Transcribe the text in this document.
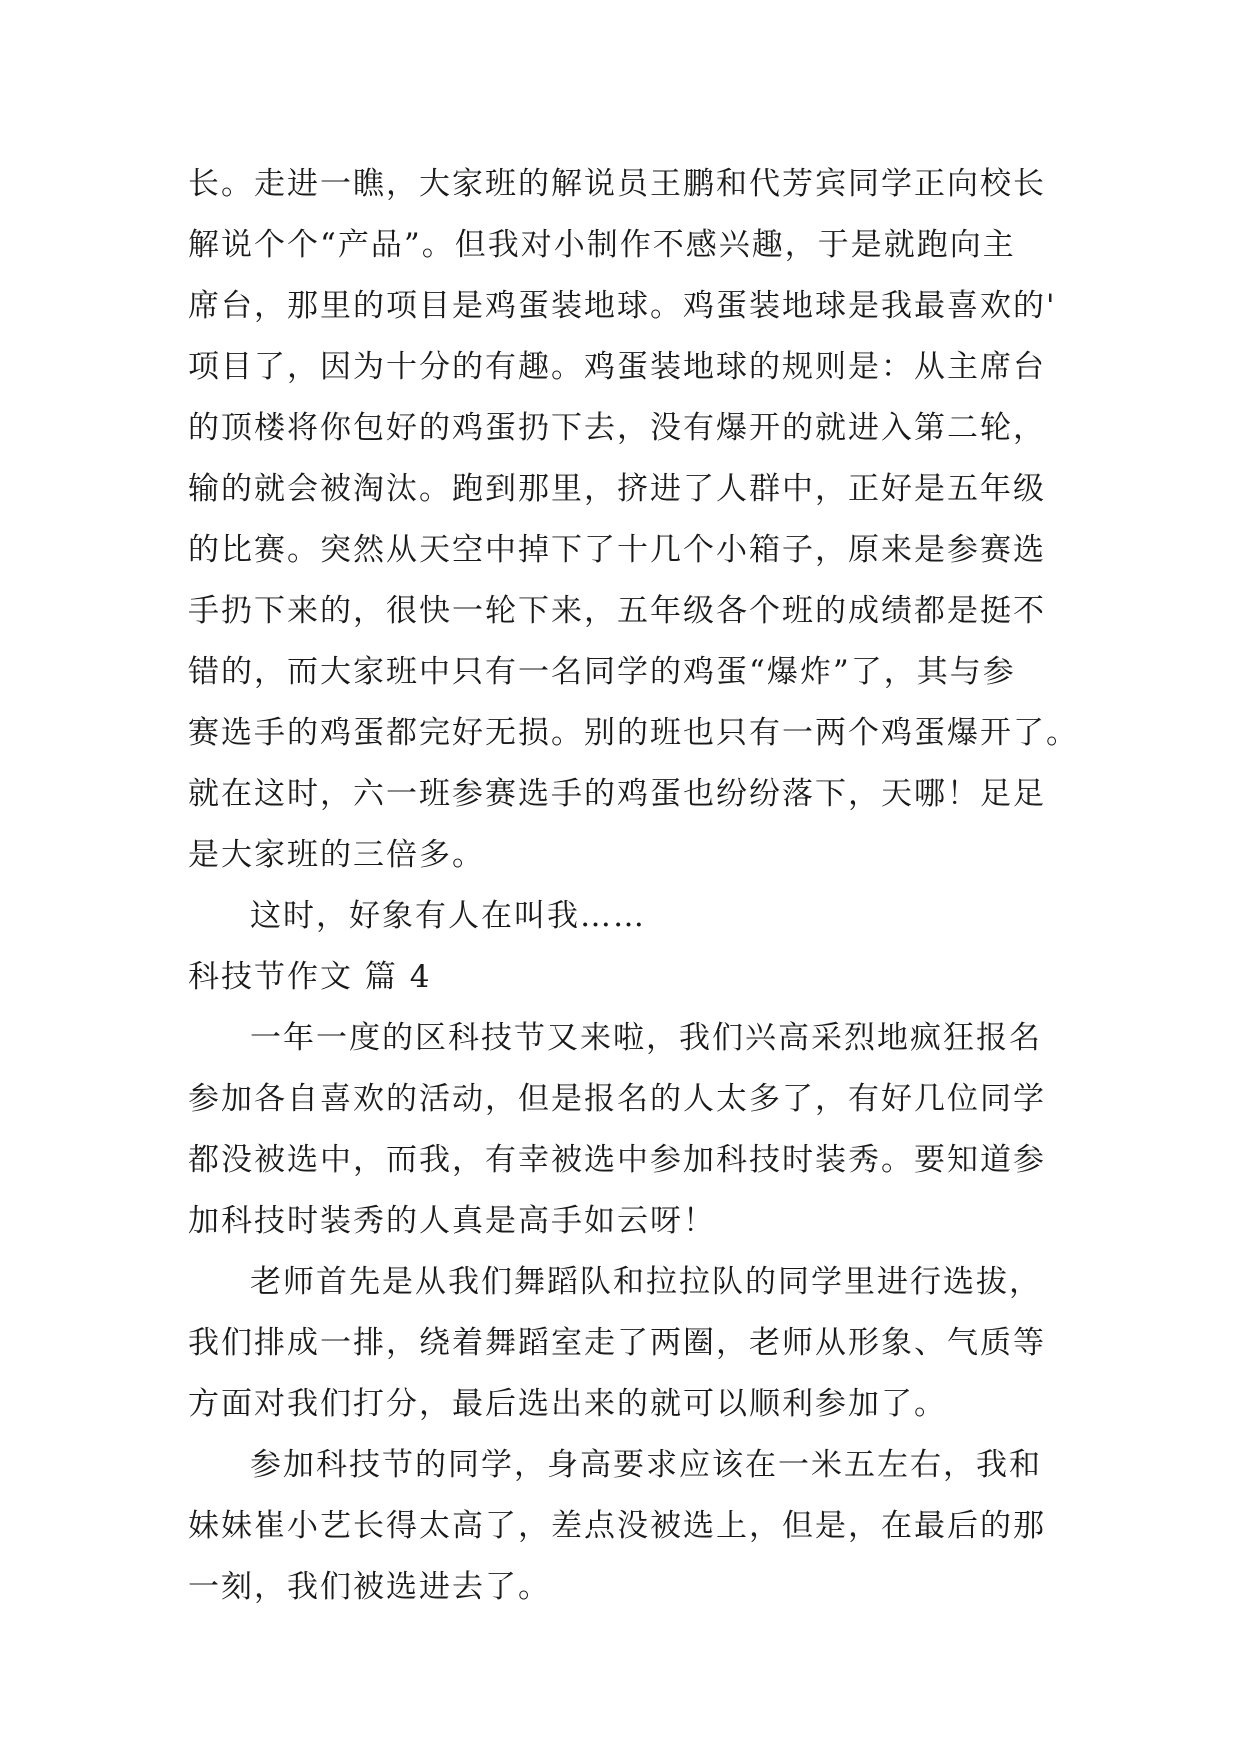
长。走进一瞧，大家班的解说员王鹏和代芳宾同学正向校长
解说个个“产品”。但我对小制作不感兴趣，于是就跑向主
席台，那里的项目是鸡蛋装地球。鸡蛋装地球是我最喜欢的'
项目了，因为十分的有趣。鸡蛋装地球的规则是：从主席台
的顶楼将你包好的鸡蛋扔下去，没有爆开的就进入第二轮，
输的就会被淘汰。跑到那里，挤进了人群中，正好是五年级
的比赛。突然从天空中掉下了十几个小箱子，原来是参赛选
手扔下来的，很快一轮下来，五年级各个班的成绩都是挺不
错的，而大家班中只有一名同学的鸡蛋“爆炸”了，其与参
赛选手的鸡蛋都完好无损。别的班也只有一两个鸡蛋爆开了。
就在这时，六一班参赛选手的鸡蛋也纷纷落下，天哪！足足
是大家班的三倍多。
这时，好象有人在叫我……
科技节作文 篇 4
一年一度的区科技节又来啦，我们兴高采烈地疯狂报名
参加各自喜欢的活动，但是报名的人太多了，有好几位同学
都没被选中，而我，有幸被选中参加科技时装秀。要知道参
加科技时装秀的人真是高手如云呀！
老师首先是从我们舞蹈队和拉拉队的同学里进行选拔，
我们排成一排，绕着舞蹈室走了两圈，老师从形象、气质等
方面对我们打分，最后选出来的就可以顺利参加了。
参加科技节的同学，身高要求应该在一米五左右，我和
妹妹崔小艺长得太高了，差点没被选上，但是，在最后的那
一刻，我们被选进去了。
